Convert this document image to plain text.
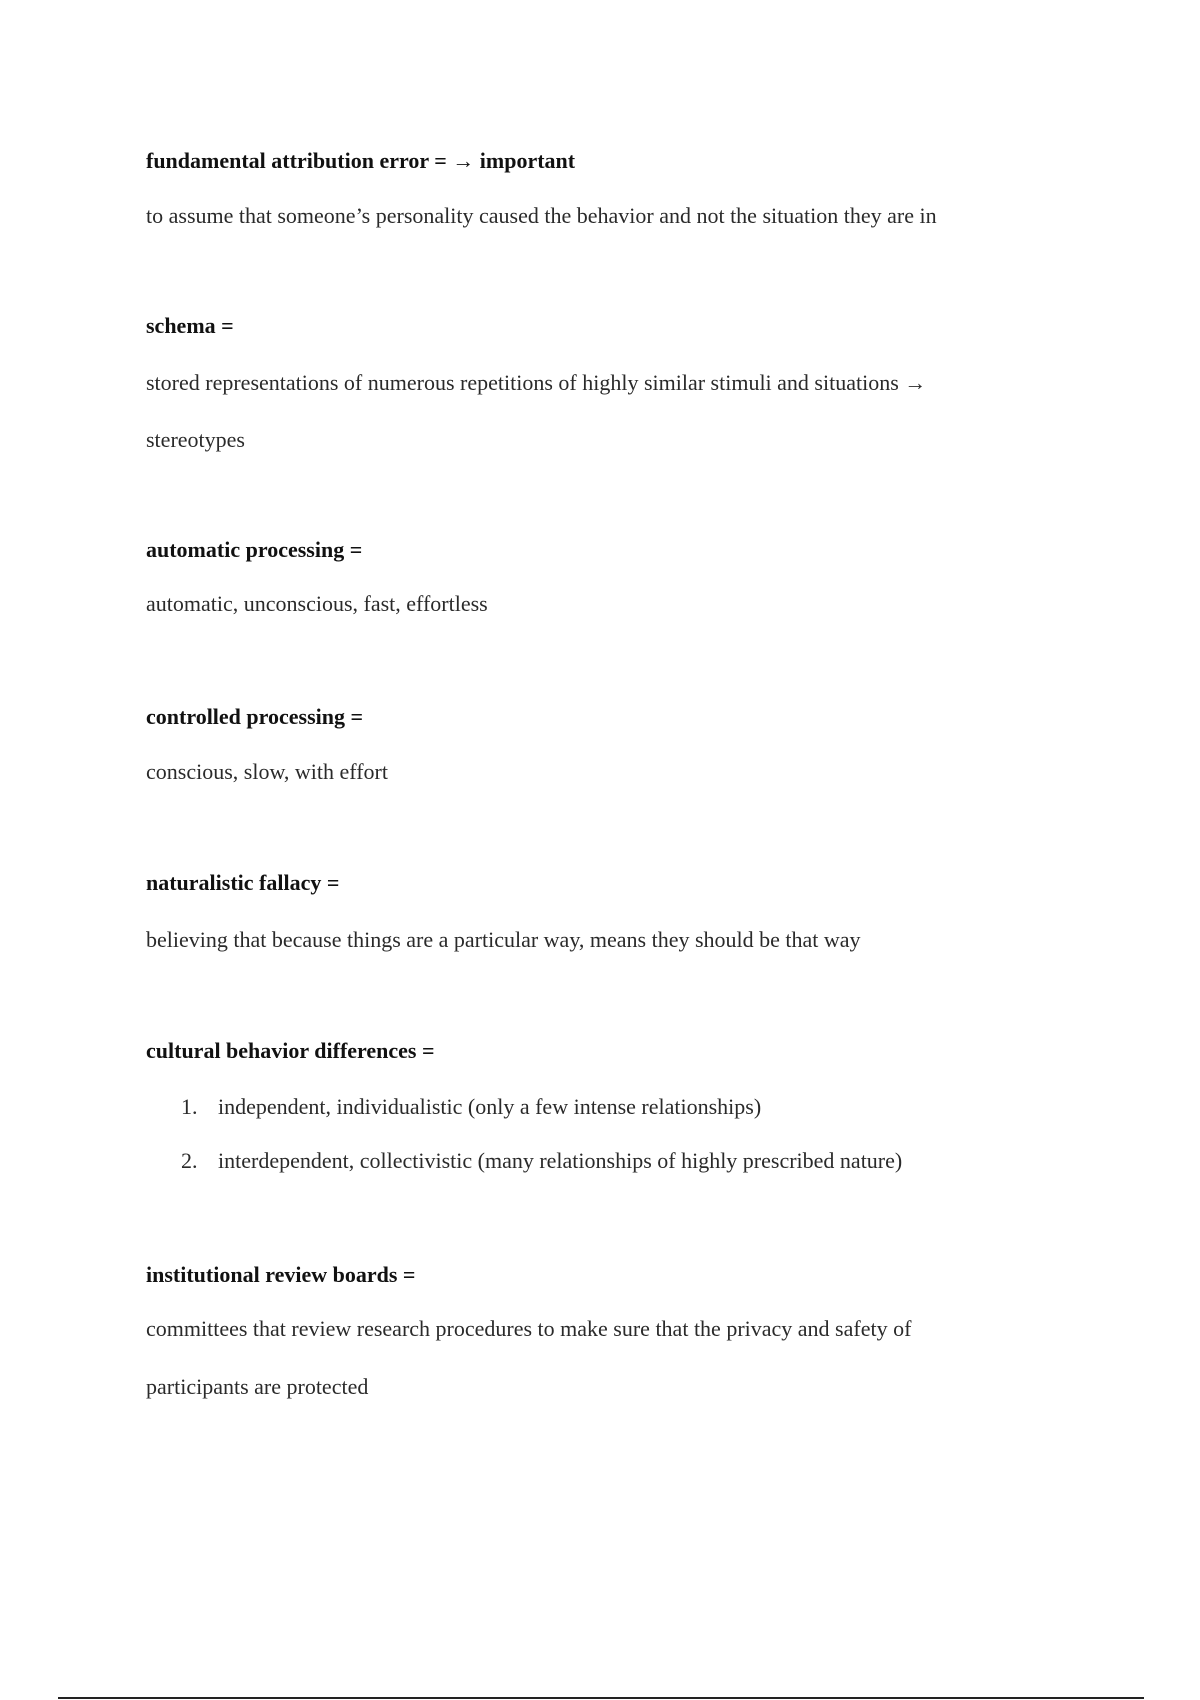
fundamental attribution error = → important
to assume that someone’s personality caused the behavior and not the situation they are in
schema =
stored representations of numerous repetitions of highly similar stimuli and situations →
stereotypes
automatic processing =
automatic, unconscious, fast, effortless
controlled processing =
conscious, slow, with effort
naturalistic fallacy =
believing that because things are a particular way, means they should be that way
cultural behavior differences =
1. independent, individualistic (only a few intense relationships)
2. interdependent, collectivistic (many relationships of highly prescribed nature)
institutional review boards =
committees that review research procedures to make sure that the privacy and safety of
participants are protected
